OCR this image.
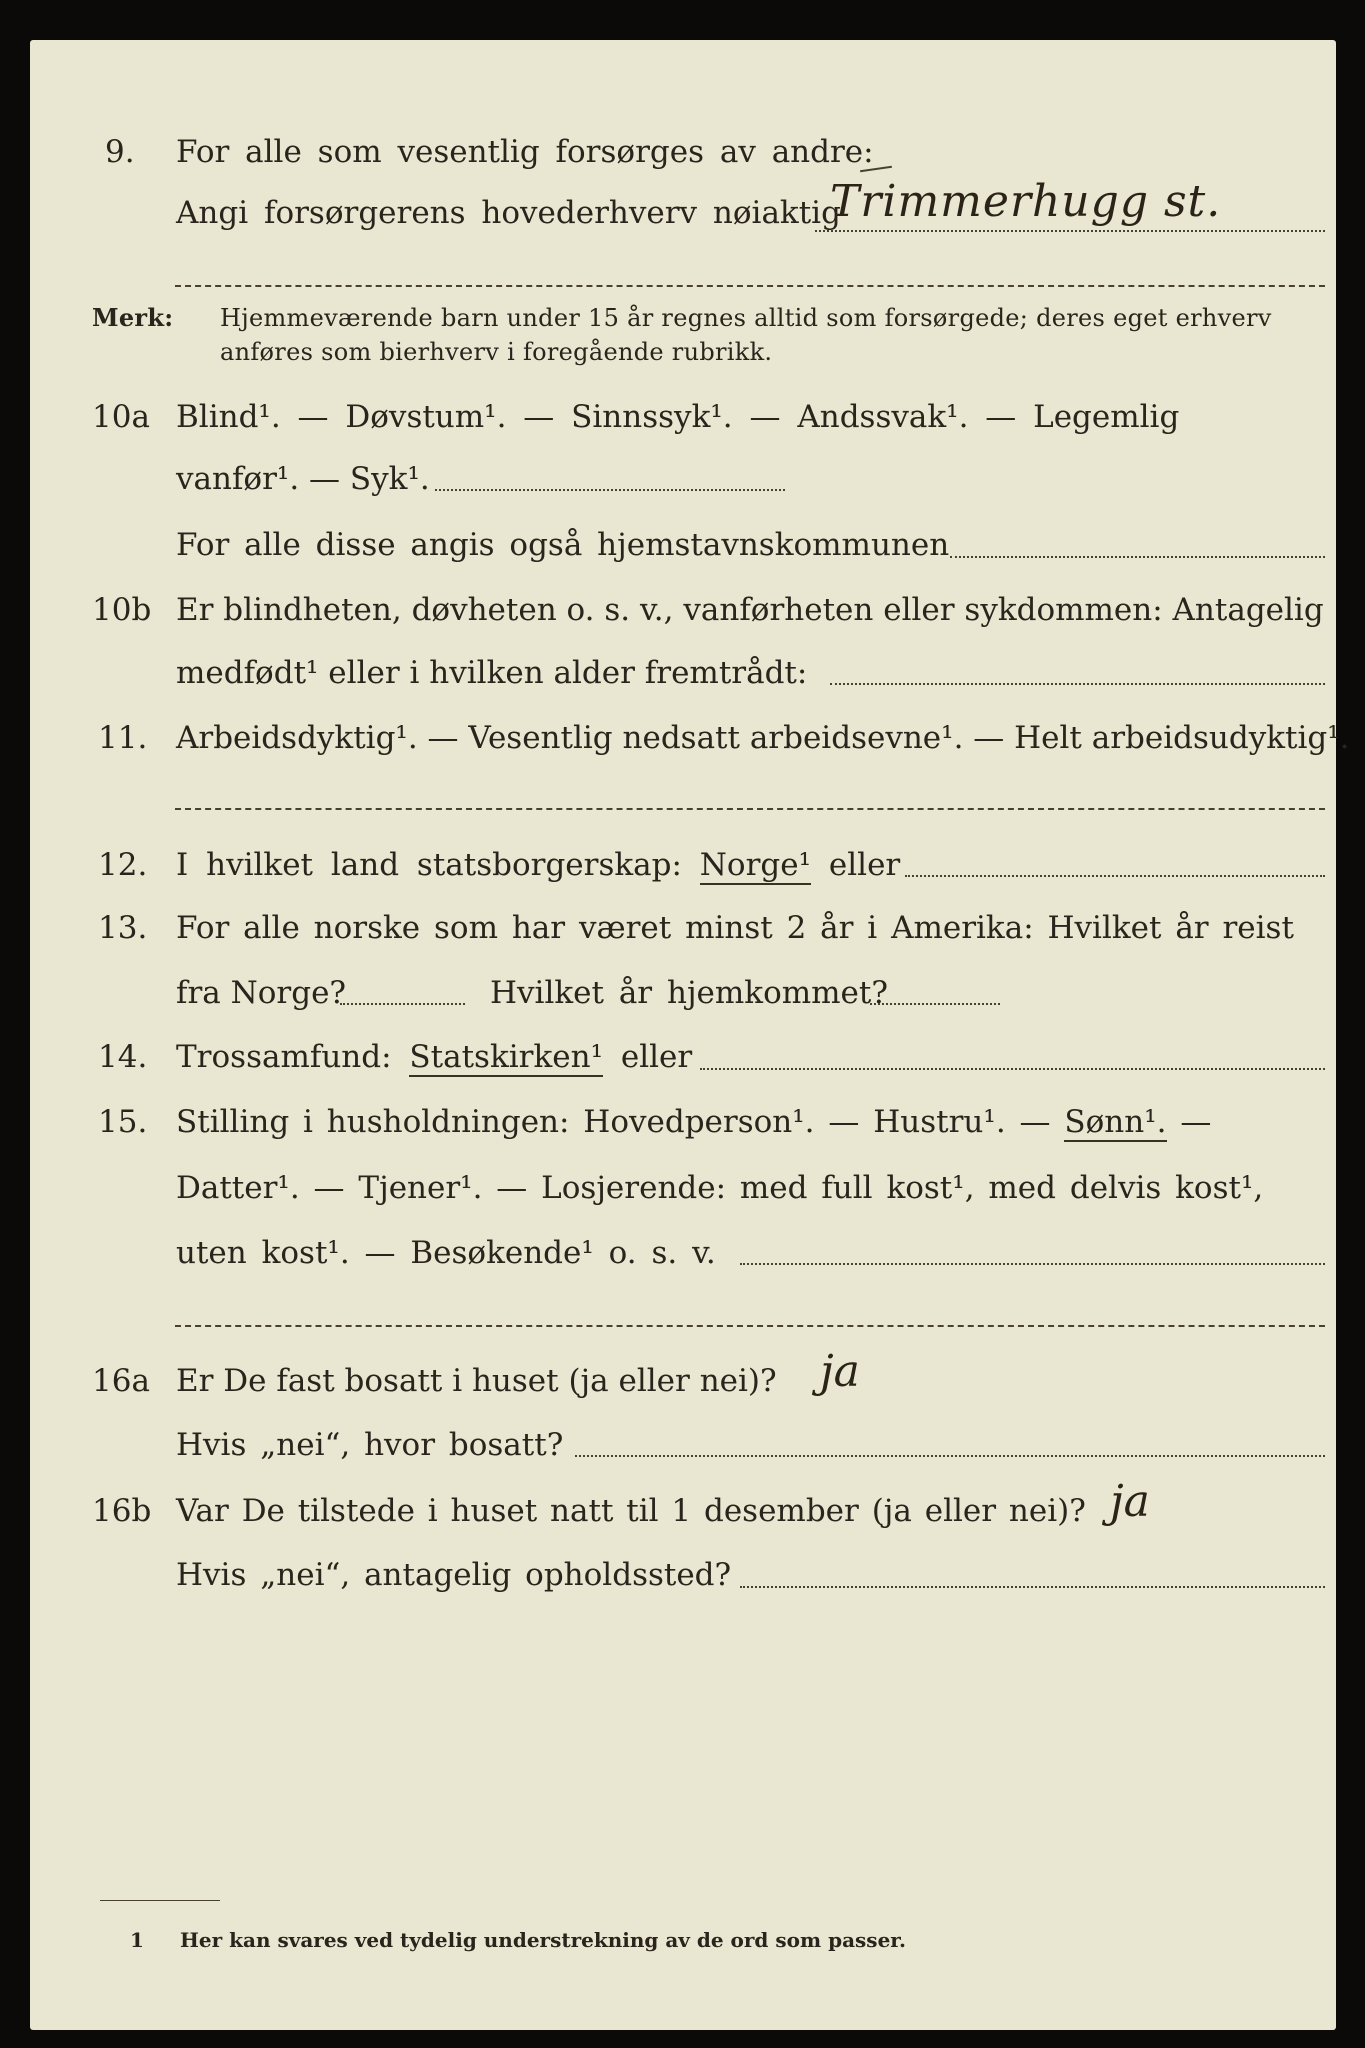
9. For alle som vesentlig forsørges av andre:
Angi forsørgerens hovederhverv nøiaktig
Trimmerhugg st.
Merk: Hjemmeværende barn under 15 år regnes alltid som forsørgede; deres eget erhverv
anføres som bierhverv i foregående rubrikk.
10a Blind¹. — Døvstum¹. — Sinnssyk¹. — Andssvak¹. — Legemlig
vanfør¹. — Syk¹.
For alle disse angis også hjemstavnskommunen
10b Er blindheten, døvheten o. s. v., vanførheten eller sykdommen: Antagelig
medfødt¹ eller i hvilken alder fremtrådt:
11. Arbeidsdyktig¹. — Vesentlig nedsatt arbeidsevne¹. — Helt arbeidsudyktig¹.
12. I hvilket land statsborgerskap: Norge¹ eller
13. For alle norske som har været minst 2 år i Amerika: Hvilket år reist
fra Norge?	Hvilket år hjemkommet?
14. Trossamfund: Statskirken¹ eller
15. Stilling i husholdningen: Hovedperson¹. — Hustru¹. — Sønn¹. —
Datter¹. — Tjener¹. — Losjerende: med full kost¹, med delvis kost¹,
uten kost¹. — Besøkende¹ o. s. v.
16a Er De fast bosatt i huset (ja eller nei)? ja
Hvis „nei“, hvor bosatt?
16b Var De tilstede i huset natt til 1 desember (ja eller nei)? ja
Hvis „nei“, antagelig opholdssted?
1 Her kan svares ved tydelig understrekning av de ord som passer.
